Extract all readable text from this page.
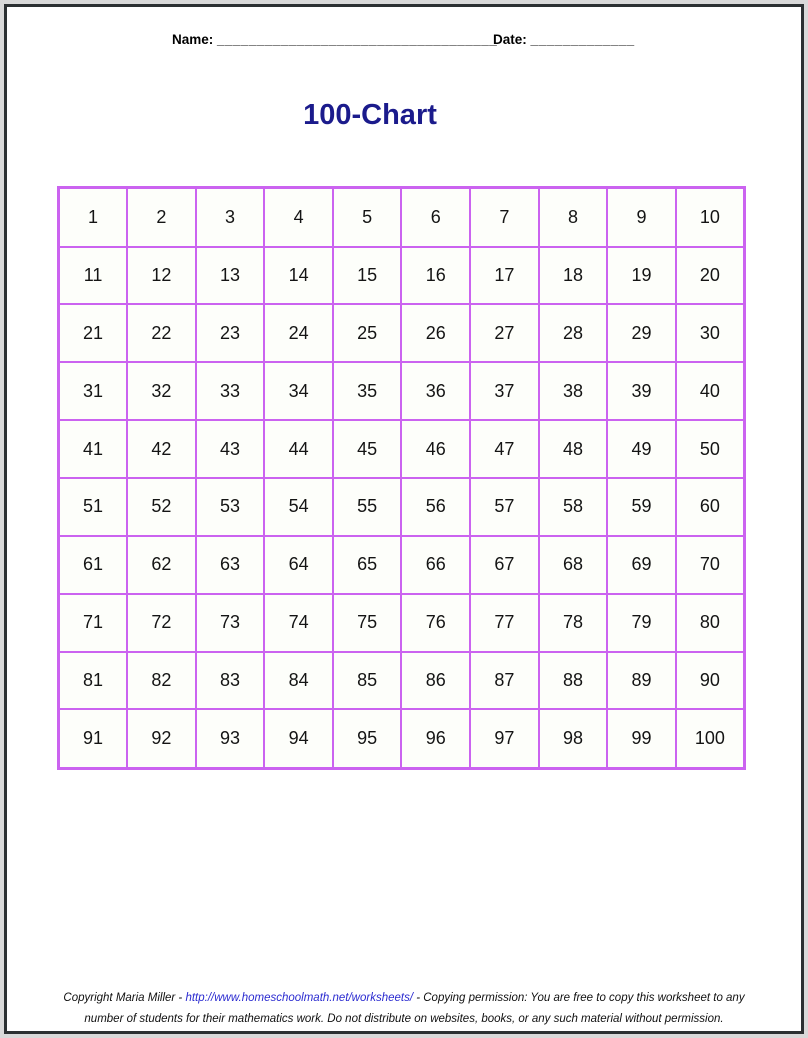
Name: ___________________________________
Date: _____________
100-Chart
1	2	3	4	5	6	7	8	9	10
11	12	13	14	15	16	17	18	19	20
21	22	23	24	25	26	27	28	29	30
31	32	33	34	35	36	37	38	39	40
41	42	43	44	45	46	47	48	49	50
51	52	53	54	55	56	57	58	59	60
61	62	63	64	65	66	67	68	69	70
71	72	73	74	75	76	77	78	79	80
81	82	83	84	85	86	87	88	89	90
91	92	93	94	95	96	97	98	99	100
Copyright Maria Miller - http://www.homeschoolmath.net/worksheets/ - Copying permission: You are free to copy this worksheet to any
number of students for their mathematics work. Do not distribute on websites, books, or any such material without permission.
